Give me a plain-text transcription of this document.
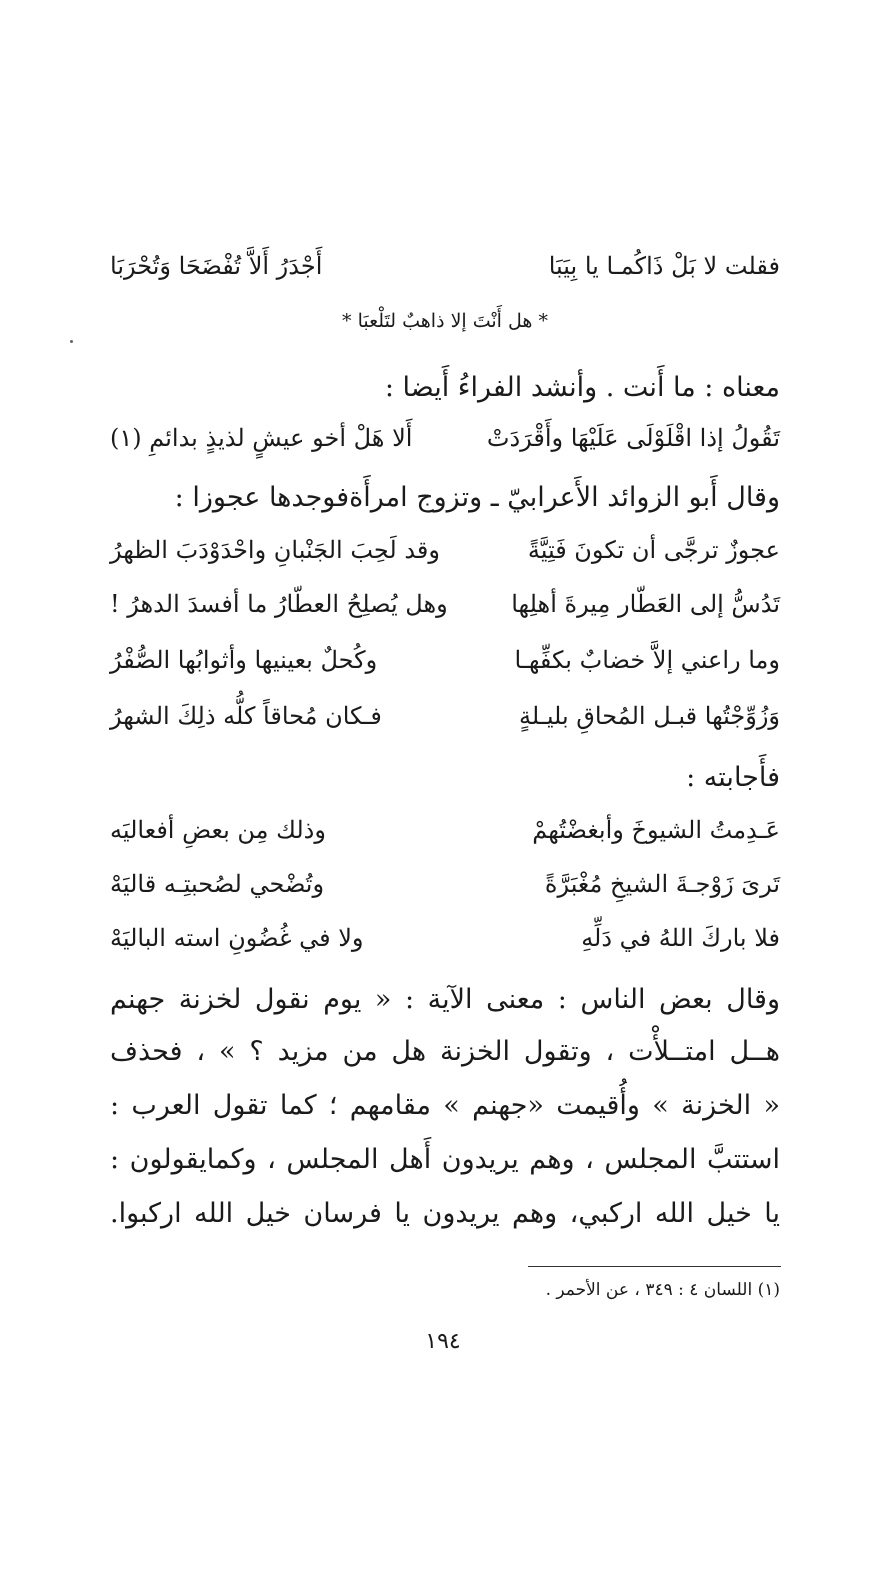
فقلت لا بَلْ ذَاكُمـا يا بِيَبَا
أَجْدَرُ أَلاَّ تُفْضَحَا وَتُحْرَبَا
* هل أَنْتَ إلا ذاهبٌ لتَلْعبَا *
معناه : ما أَنت . وأنشد الفراءُ أَيضا :
تَقُولُ إذا اقْلَوْلَى عَلَيْهَا وأَقْرَدَتْ
أَلا هَلْ أخو عيشٍ لذيذٍ بدائمِ (١)
وقال أَبو الزوائد الأَعرابيّ ـ وتزوج امرأَةفوجدها عجوزا :
عجوزٌ ترجَّى أن تكونَ فَتِيَّةً
وقد لَحِبَ الجَنْبانِ واحْدَوْدَبَ الظهرُ
تَدُسُّ إلى العَطّار مِيرةَ أهلِها
وهل يُصلِحُ العطّارُ ما أفسدَ الدهرُ !
وما راعني إلاَّ خضابٌ بكفِّهـا
وكُحلٌ بعينيها وأثوابُها الصُّفْرُ
وَزُوِّجْتُها قبـل المُحاقِ بليـلةٍ
فـكان مُحاقاً كلُّه ذلِكَ الشهرُ
فأَجابته :
عَـدِمتُ الشيوخَ وأبغضْتُهمْ
وذلك مِن بعضِ أفعاليَه
تَرىَ زَوْجـةَ الشيخِ مُغْبَرَّةً
وتُضْحي لصُحبتِـه قاليَهْ
فلا باركَ اللهُ في دَلِّهِ
ولا في غُضُونِ استه الباليَهْ
وقال بعض الناس : معنى الآية : « يوم نقول لخزنة جهنم
هــل امتــلأْت ، وتقول الخزنة هل من مزيد ؟ » ، فحذف
« الخزنة » وأُقيمت «جهنم » مقامهم ؛ كما تقول العرب :
استتبَّ المجلس ، وهم يريدون أَهل المجلس ، وكمايقولون :
يا خيل الله اركبي، وهم يريدون يا فرسان خيل الله اركبوا.
(١) اللسان ٤ : ٣٤٩ ، عن الأحمر .
١٩٤
